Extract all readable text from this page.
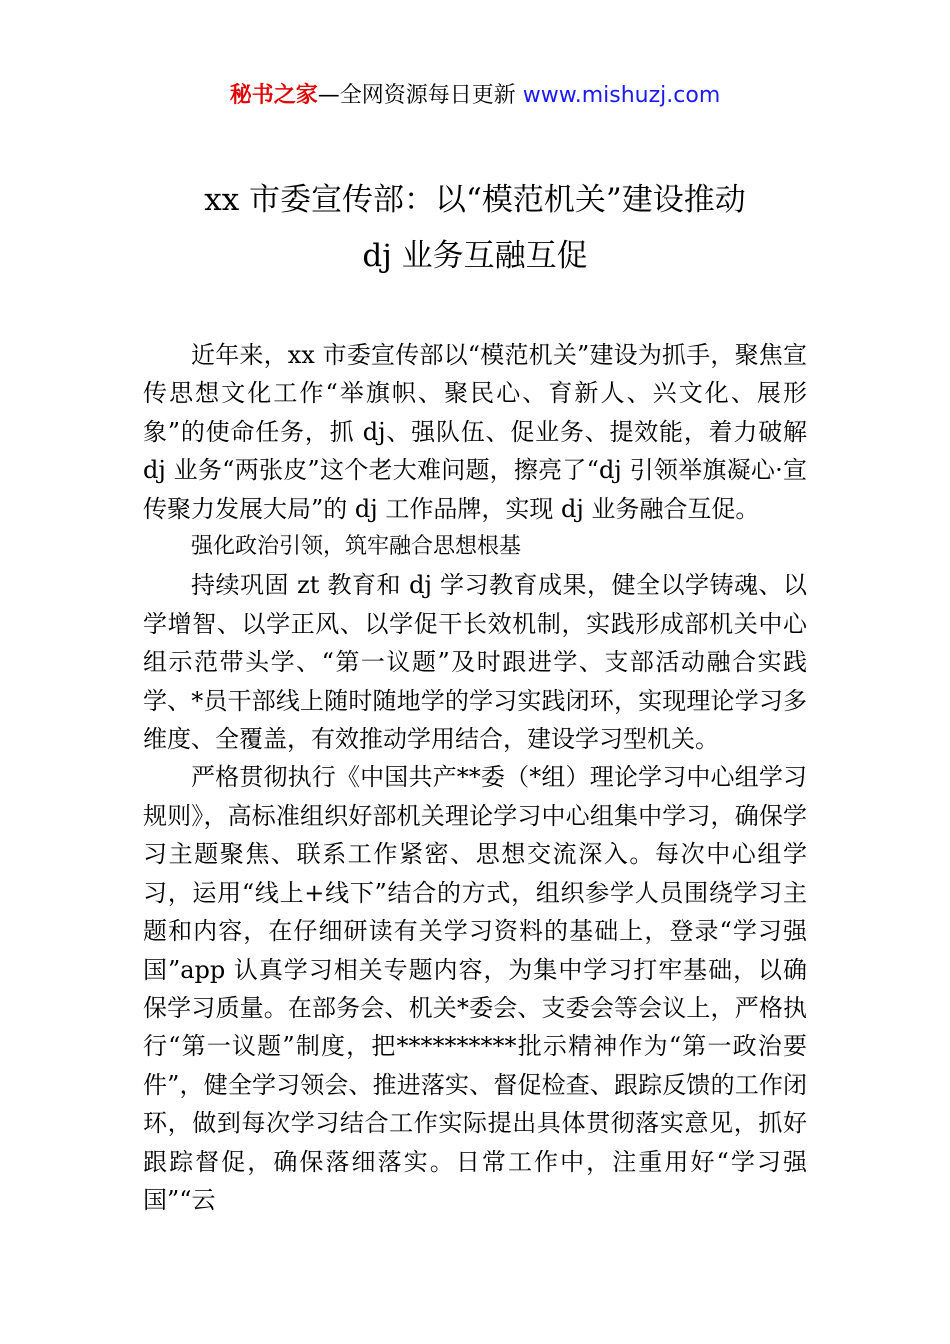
秘书之家—全网资源每日更新 www.mishuzj.com
xx 市委宣传部：以“模范机关”建设推动
dj 业务互融互促

近年来，xx 市委宣传部以“模范机关”建设为抓手，聚焦宣传思想文化工作“举旗帜、聚民心、育新人、兴文化、展形象”的使命任务，抓 dj、强队伍、促业务、提效能，着力破解 dj 业务“两张皮”这个老大难问题，擦亮了“dj 引领举旗凝心·宣传聚力发展大局”的 dj 工作品牌，实现 dj 业务融合互促。

强化政治引领，筑牢融合思想根基

持续巩固 zt 教育和 dj 学习教育成果，健全以学铸魂、以学增智、以学正风、以学促干长效机制，实践形成部机关中心组示范带头学、“第一议题”及时跟进学、支部活动融合实践学、*员干部线上随时随地学的学习实践闭环，实现理论学习多维度、全覆盖，有效推动学用结合，建设学习型机关。

严格贯彻执行《中国共产**委（*组）理论学习中心组学习规则》，高标准组织好部机关理论学习中心组集中学习，确保学习主题聚焦、联系工作紧密、思想交流深入。每次中心组学习，运用“线上+线下”结合的方式，组织参学人员围绕学习主题和内容，在仔细研读有关学习资料的基础上，登录“学习强国”app 认真学习相关专题内容，为集中学习打牢基础，以确保学习质量。在部务会、机关*委会、支委会等会议上，严格执行“第一议题”制度，把**********批示精神作为“第一政治要件”，健全学习领会、推进落实、督促检查、跟踪反馈的工作闭环，做到每次学习结合工作实际提出具体贯彻落实意见，抓好跟踪督促，确保落细落实。日常工作中，注重用好“学习强国”“云
